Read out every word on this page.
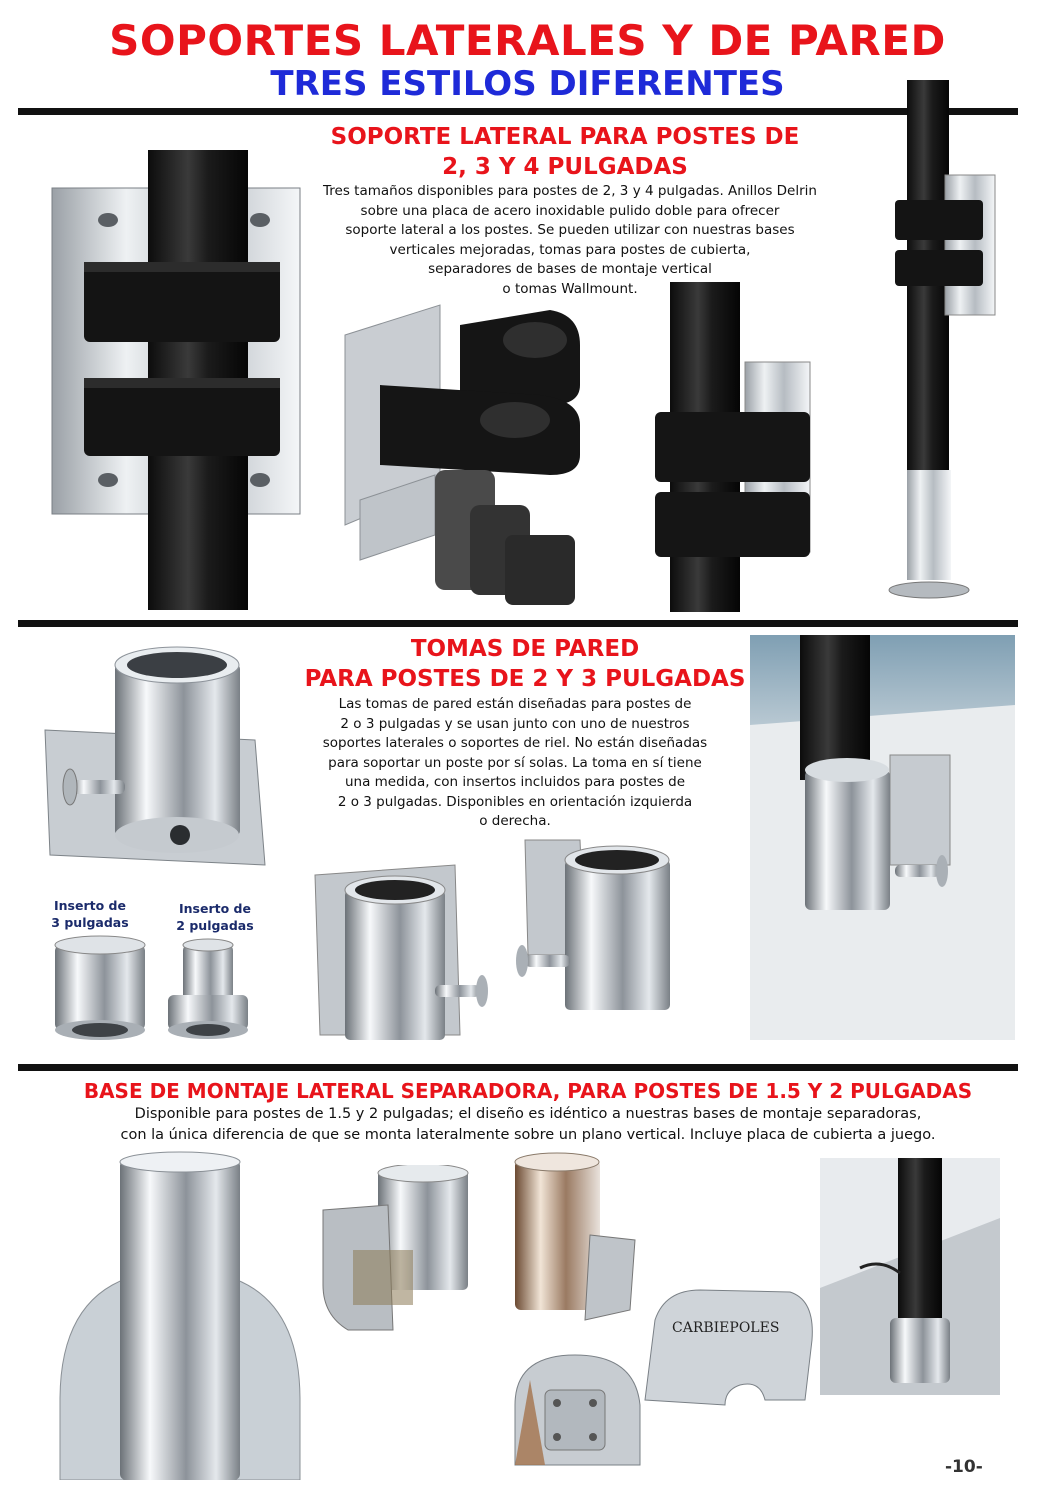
SOPORTES LATERALES Y DE PARED
TRES ESTILOS DIFERENTES
SOPORTE LATERAL PARA POSTES DE
2, 3 Y 4 PULGADAS
Tres tamaños disponibles para postes de 2, 3 y 4 pulgadas. Anillos Delrin
sobre una placa de acero inoxidable pulido doble para ofrecer
soporte lateral a los postes. Se pueden utilizar con nuestras bases
verticales mejoradas, tomas para postes de cubierta,
separadores de bases de montaje vertical
o tomas Wallmount.
TOMAS DE PARED
PARA POSTES DE 2 Y 3 PULGADAS
Las tomas de pared están diseñadas para postes de
2 o 3 pulgadas y se usan junto con uno de nuestros
soportes laterales o soportes de riel. No están diseñadas
para soportar un poste por sí solas. La toma en sí tiene
una medida, con insertos incluidos para postes de
2 o 3 pulgadas. Disponibles en orientación izquierda
o derecha.
Inserto de
3 pulgadas
Inserto de
2 pulgadas
BASE DE MONTAJE LATERAL SEPARADORA, PARA POSTES DE 1.5 Y 2 PULGADAS
Disponible para postes de 1.5 y 2 pulgadas; el diseño es idéntico a nuestras bases de montaje separadoras,
con la única diferencia de que se monta lateralmente sobre un plano vertical. Incluye placa de cubierta a juego.
CARBIEPOLES
-10-
